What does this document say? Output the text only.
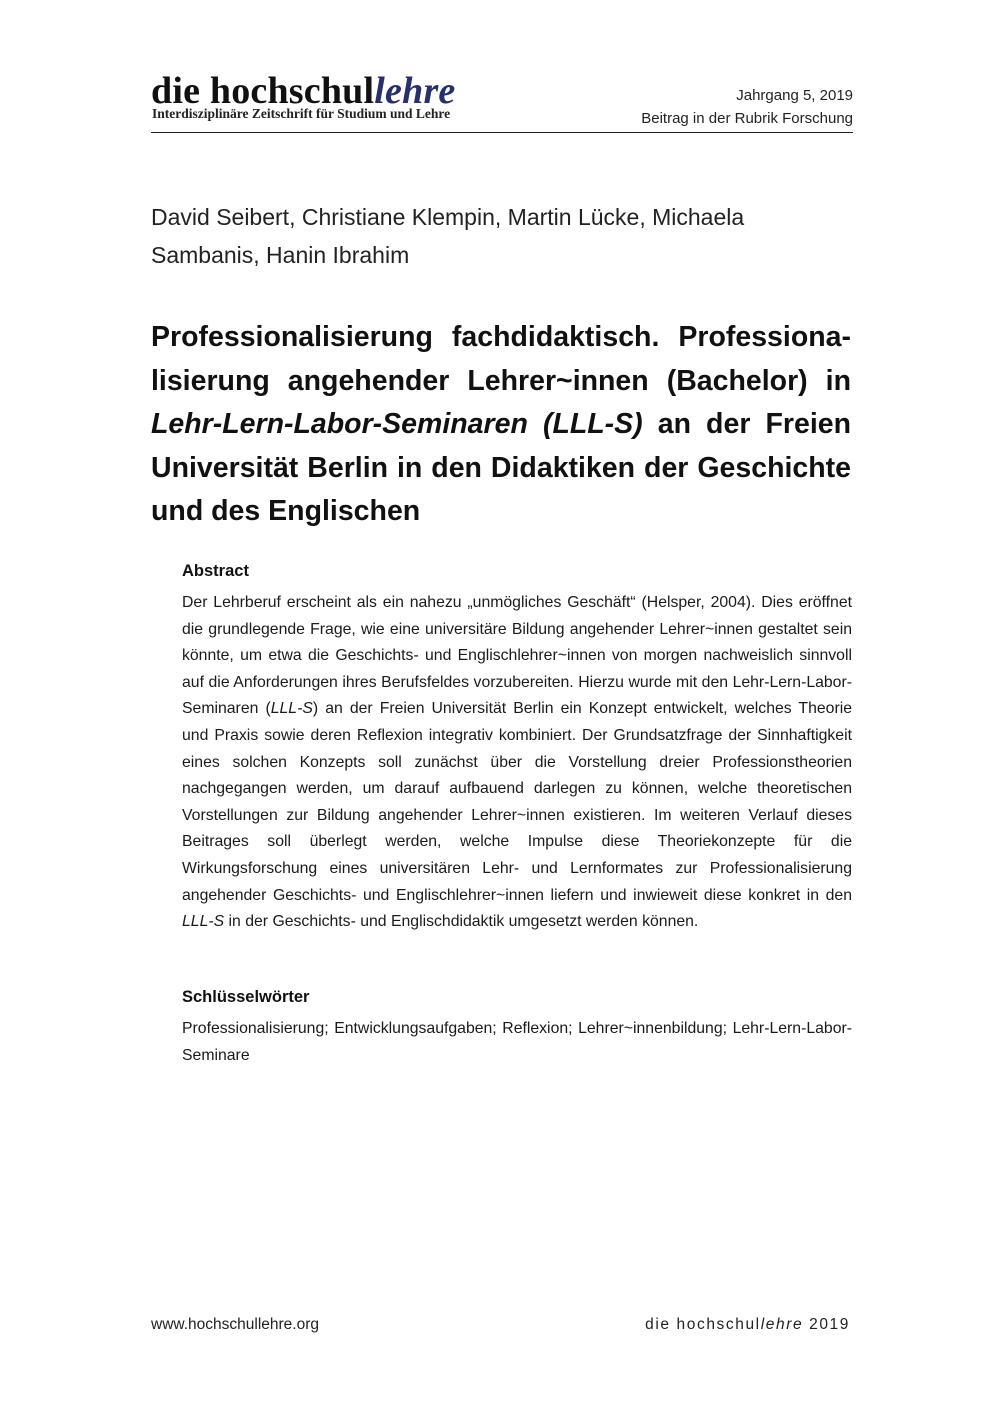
die hochschullehre
Interdisziplinäre Zeitschrift für Studium und Lehre
Jahrgang 5, 2019
Beitrag in der Rubrik Forschung
David Seibert, Christiane Klempin, Martin Lücke, Michaela
Sambanis, Hanin Ibrahim
Professionalisierung fachdidaktisch. Professionalisierung angehender Lehrer~innen (Bachelor) in Lehr-Lern-Labor-Seminaren (LLL-S) an der Freien Universität Berlin in den Didaktiken der Geschichte und des Englischen
Abstract

Der Lehrberuf erscheint als ein nahezu „unmögliches Geschäft“ (Helsper, 2004). Dies eröffnet die grundlegende Frage, wie eine universitäre Bildung angehender Lehrer~innen gestaltet sein könnte, um etwa die Geschichts- und Englischlehrer~innen von morgen nachweislich sinnvoll auf die Anforderungen ihres Berufsfeldes vorzubereiten. Hierzu wurde mit den Lehr-Lern-Labor-Seminaren (LLL-S) an der Freien Universität Berlin ein Konzept entwickelt, welches Theorie und Praxis sowie deren Reflexion integrativ kombiniert. Der Grundsatzfrage der Sinnhaftigkeit eines solchen Konzepts soll zunächst über die Vorstellung dreier Professionstheorien nachgegangen werden, um darauf aufbauend darlegen zu können, welche theoretischen Vorstellungen zur Bildung angehender Lehrer~innen existieren. Im weiteren Verlauf dieses Beitrages soll überlegt werden, welche Impulse diese Theoriekonzepte für die Wirkungsforschung eines universitären Lehr- und Lernformates zur Professionalisierung angehender Geschichts- und Englischlehrer~innen liefern und inwieweit diese konkret in den LLL-S in der Geschichts- und Englischdidaktik umgesetzt werden können.

Schlüsselwörter

Professionalisierung; Entwicklungsaufgaben; Reflexion; Lehrer~innenbildung; Lehr-Lern-Labor-Seminare

www.hochschullehre.org	die hochschullehre 2019
